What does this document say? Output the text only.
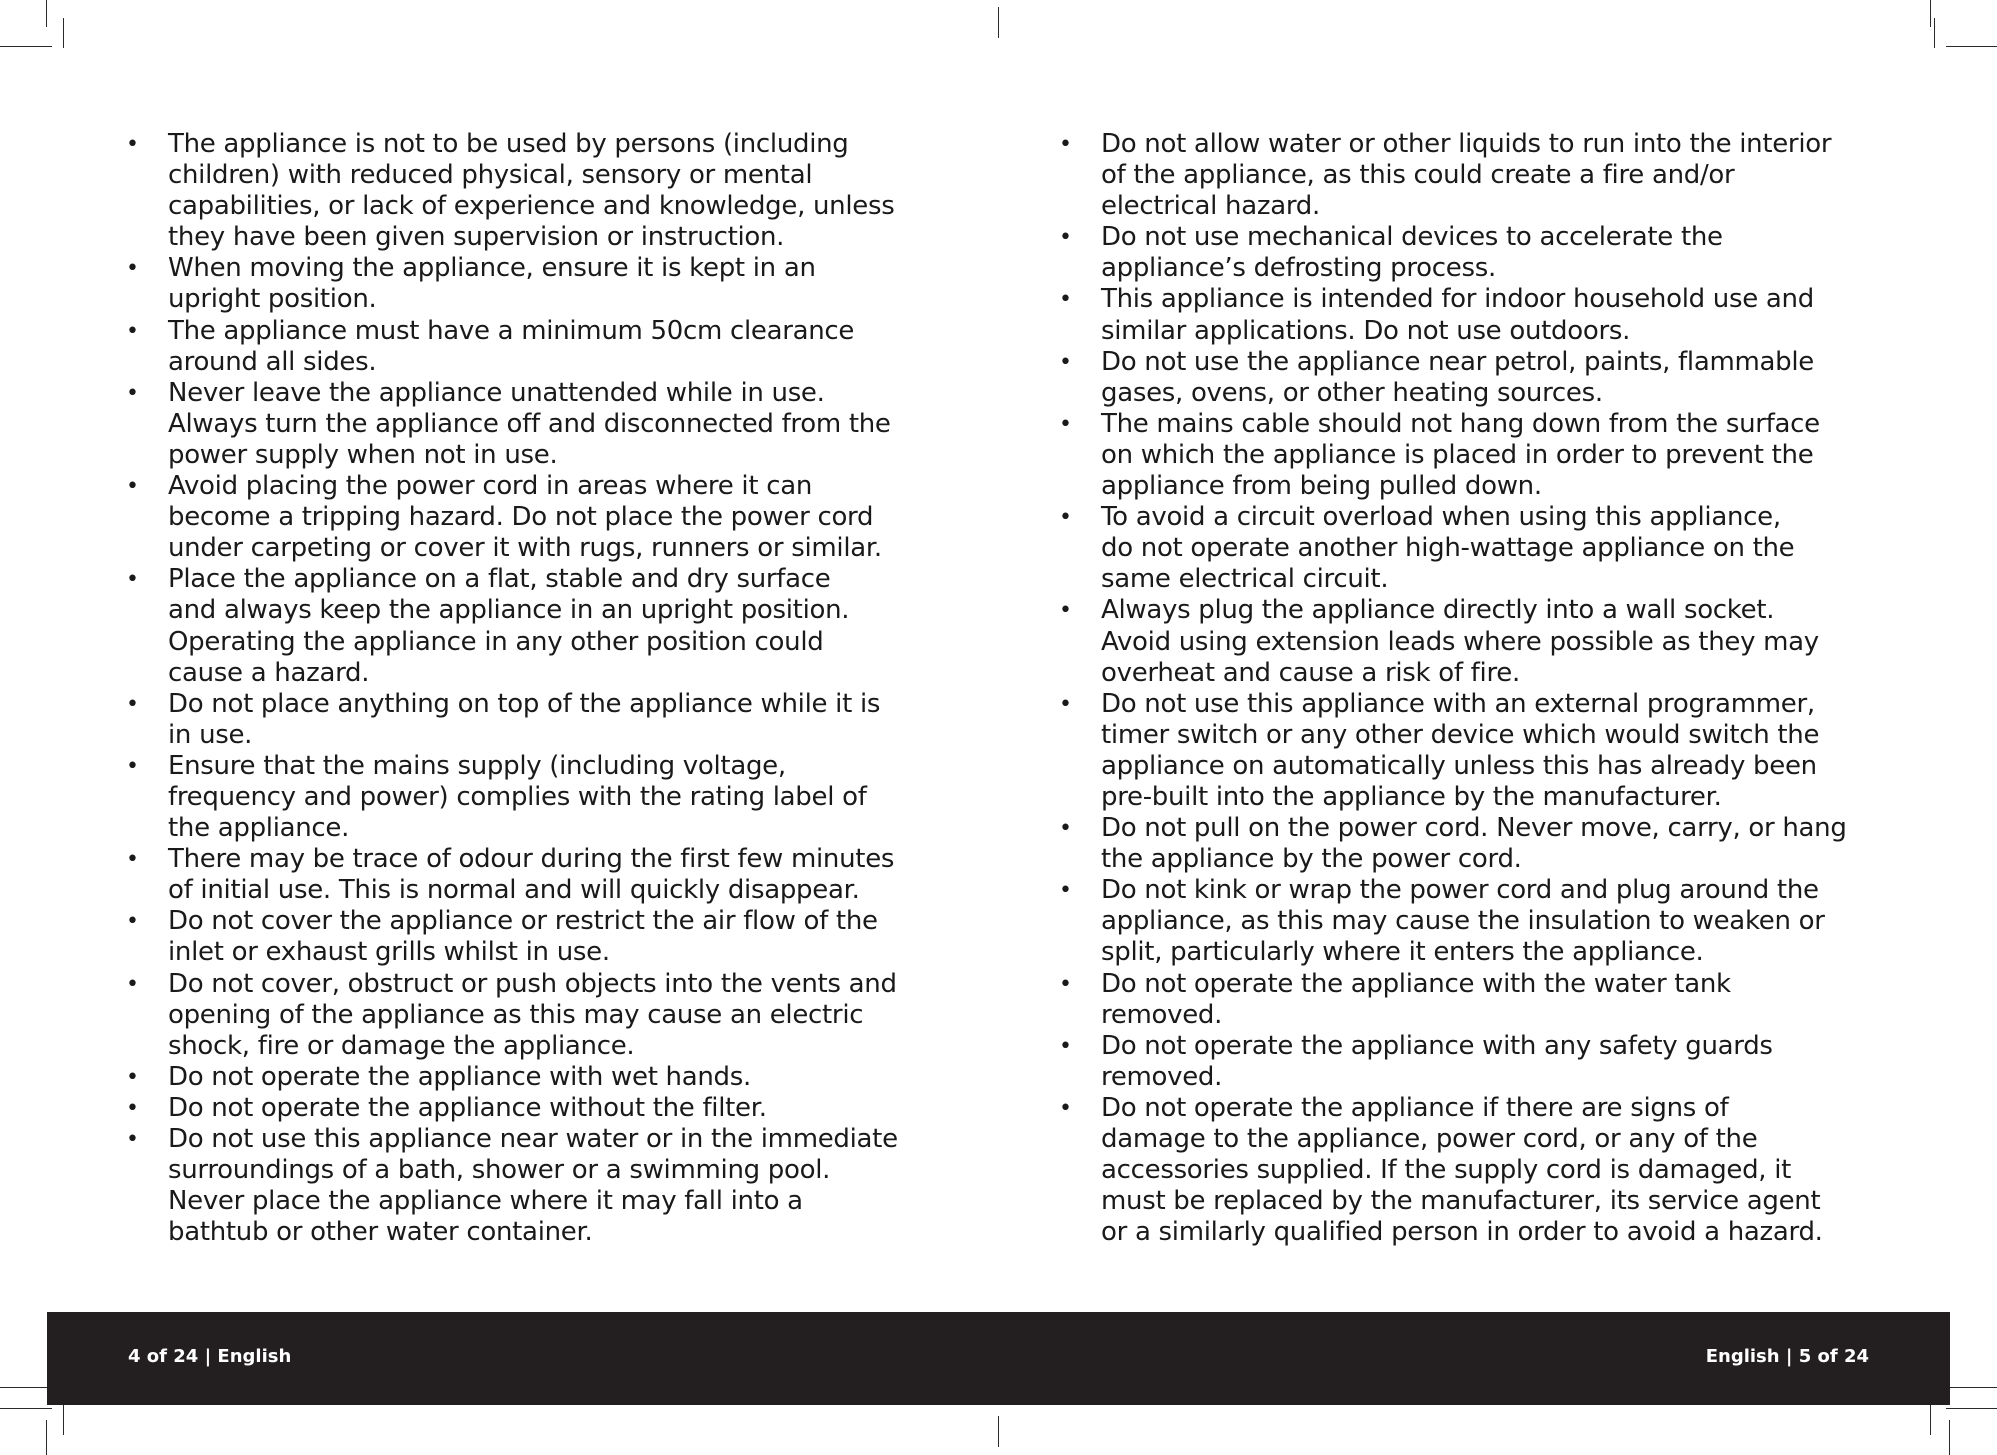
• The appliance is not to be used by persons (including
children) with reduced physical, sensory or mental
capabilities, or lack of experience and knowledge, unless
they have been given supervision or instruction.
• When moving the appliance, ensure it is kept in an
upright position.
• The appliance must have a minimum 50cm clearance
around all sides.
• Never leave the appliance unattended while in use.
Always turn the appliance off and disconnected from the
power supply when not in use.
• Avoid placing the power cord in areas where it can
become a tripping hazard. Do not place the power cord
under carpeting or cover it with rugs, runners or similar.
• Place the appliance on a flat, stable and dry surface
and always keep the appliance in an upright position.
Operating the appliance in any other position could
cause a hazard.
• Do not place anything on top of the appliance while it is
in use.
• Ensure that the mains supply (including voltage,
frequency and power) complies with the rating label of
the appliance.
• There may be trace of odour during the first few minutes
of initial use. This is normal and will quickly disappear.
• Do not cover the appliance or restrict the air flow of the
inlet or exhaust grills whilst in use.
• Do not cover, obstruct or push objects into the vents and
opening of the appliance as this may cause an electric
shock, fire or damage the appliance.
• Do not operate the appliance with wet hands.
• Do not operate the appliance without the filter.
• Do not use this appliance near water or in the immediate
surroundings of a bath, shower or a swimming pool.
Never place the appliance where it may fall into a
bathtub or other water container.
• Do not allow water or other liquids to run into the interior
of the appliance, as this could create a fire and/or
electrical hazard.
• Do not use mechanical devices to accelerate the
appliance’s defrosting process.
• This appliance is intended for indoor household use and
similar applications. Do not use outdoors.
• Do not use the appliance near petrol, paints, flammable
gases, ovens, or other heating sources.
• The mains cable should not hang down from the surface
on which the appliance is placed in order to prevent the
appliance from being pulled down.
• To avoid a circuit overload when using this appliance,
do not operate another high-wattage appliance on the
same electrical circuit.
• Always plug the appliance directly into a wall socket.
Avoid using extension leads where possible as they may
overheat and cause a risk of fire.
• Do not use this appliance with an external programmer,
timer switch or any other device which would switch the
appliance on automatically unless this has already been
pre-built into the appliance by the manufacturer.
• Do not pull on the power cord. Never move, carry, or hang
the appliance by the power cord.
• Do not kink or wrap the power cord and plug around the
appliance, as this may cause the insulation to weaken or
split, particularly where it enters the appliance.
• Do not operate the appliance with the water tank
removed.
• Do not operate the appliance with any safety guards
removed.
• Do not operate the appliance if there are signs of
damage to the appliance, power cord, or any of the
accessories supplied. If the supply cord is damaged, it
must be replaced by the manufacturer, its service agent
or a similarly qualified person in order to avoid a hazard.
4 of 24 | English	English | 5 of 24
